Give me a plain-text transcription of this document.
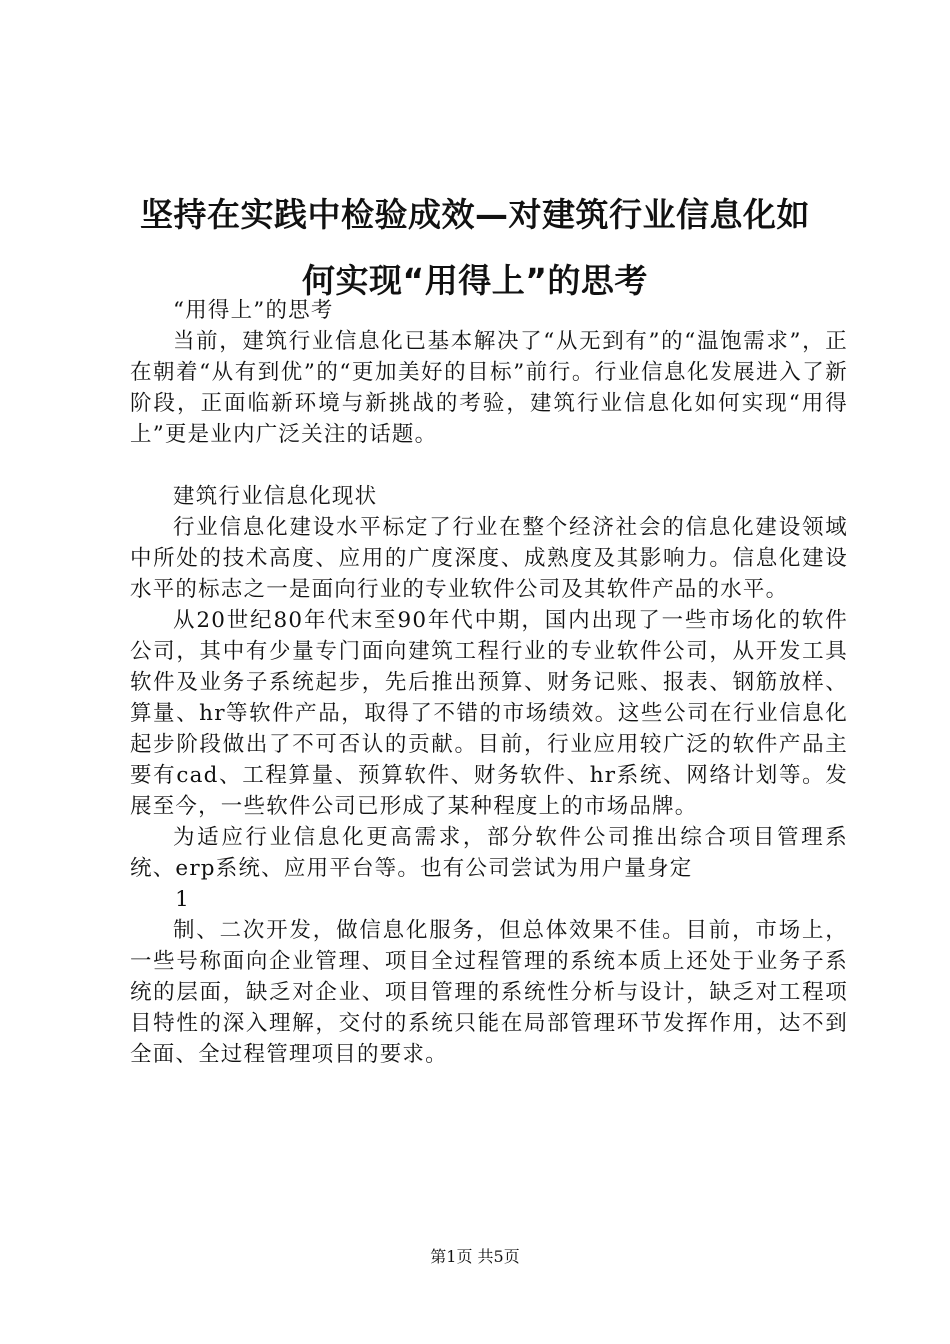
坚持在实践中检验成效—对建筑行业信息化如
何实现“用得上”的思考

“用得上”的思考

当前，建筑行业信息化已基本解决了“从无到有”的“温饱需求”，正在朝着“从有到优”的“更加美好的目标”前行。行业信息化发展进入了新阶段，正面临新环境与新挑战的考验，建筑行业信息化如何实现“用得上”更是业内广泛关注的话题。

建筑行业信息化现状

行业信息化建设水平标定了行业在整个经济社会的信息化建设领域中所处的技术高度、应用的广度深度、成熟度及其影响力。信息化建设水平的标志之一是面向行业的专业软件公司及其软件产品的水平。

从20世纪80年代末至90年代中期，国内出现了一些市场化的软件公司，其中有少量专门面向建筑工程行业的专业软件公司，从开发工具软件及业务子系统起步，先后推出预算、财务记账、报表、钢筋放样、算量、hr等软件产品，取得了不错的市场绩效。这些公司在行业信息化起步阶段做出了不可否认的贡献。目前，行业应用较广泛的软件产品主要有cad、工程算量、预算软件、财务软件、hr系统、网络计划等。发展至今，一些软件公司已形成了某种程度上的市场品牌。

为适应行业信息化更高需求，部分软件公司推出综合项目管理系统、erp系统、应用平台等。也有公司尝试为用户量身定

1

制、二次开发，做信息化服务，但总体效果不佳。目前，市场上，一些号称面向企业管理、项目全过程管理的系统本质上还处于业务子系统的层面，缺乏对企业、项目管理的系统性分析与设计，缺乏对工程项目特性的深入理解，交付的系统只能在局部管理环节发挥作用，达不到全面、全过程管理项目的要求。

第1页 共5页
